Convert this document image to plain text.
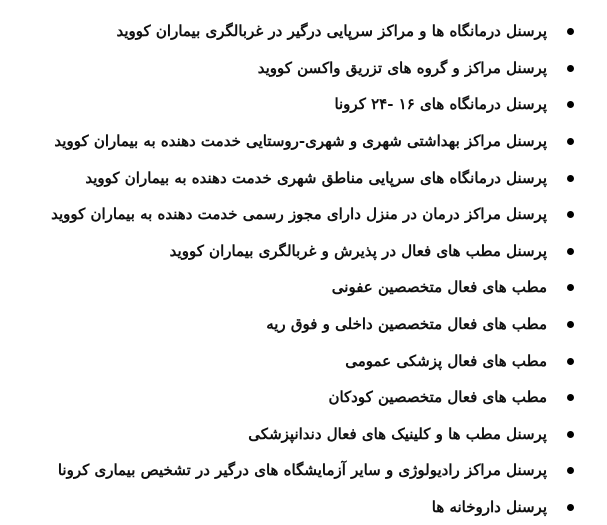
پرسنل درمانگاه ها و مراکز سرپایی درگیر در غربالگری بیماران کووید
پرسنل مراکز و گروه های تزریق واکسن کووید
پرسنل درمانگاه های ۱۶ -۲۴ کرونا
پرسنل مراکز بهداشتی شهری و شهری-روستایی خدمت دهنده به بیماران کووید
پرسنل درمانگاه های سرپایی مناطق شهری خدمت دهنده به بیماران کووید
پرسنل مراکز درمان در منزل دارای مجوز رسمی خدمت دهنده به بیماران کووید
پرسنل مطب های فعال در پذیرش و غربالگری بیماران کووید
مطب های فعال متخصصین عفونی
مطب های فعال متخصصین داخلی و فوق ریه
مطب های فعال پزشکی عمومی
مطب های فعال متخصصین کودکان
پرسنل مطب ها و کلینیک های فعال دندانپزشکی
پرسنل مراکز رادیولوژی و سایر آزمایشگاه های درگیر در تشخیص بیماری کرونا
پرسنل داروخانه ها
